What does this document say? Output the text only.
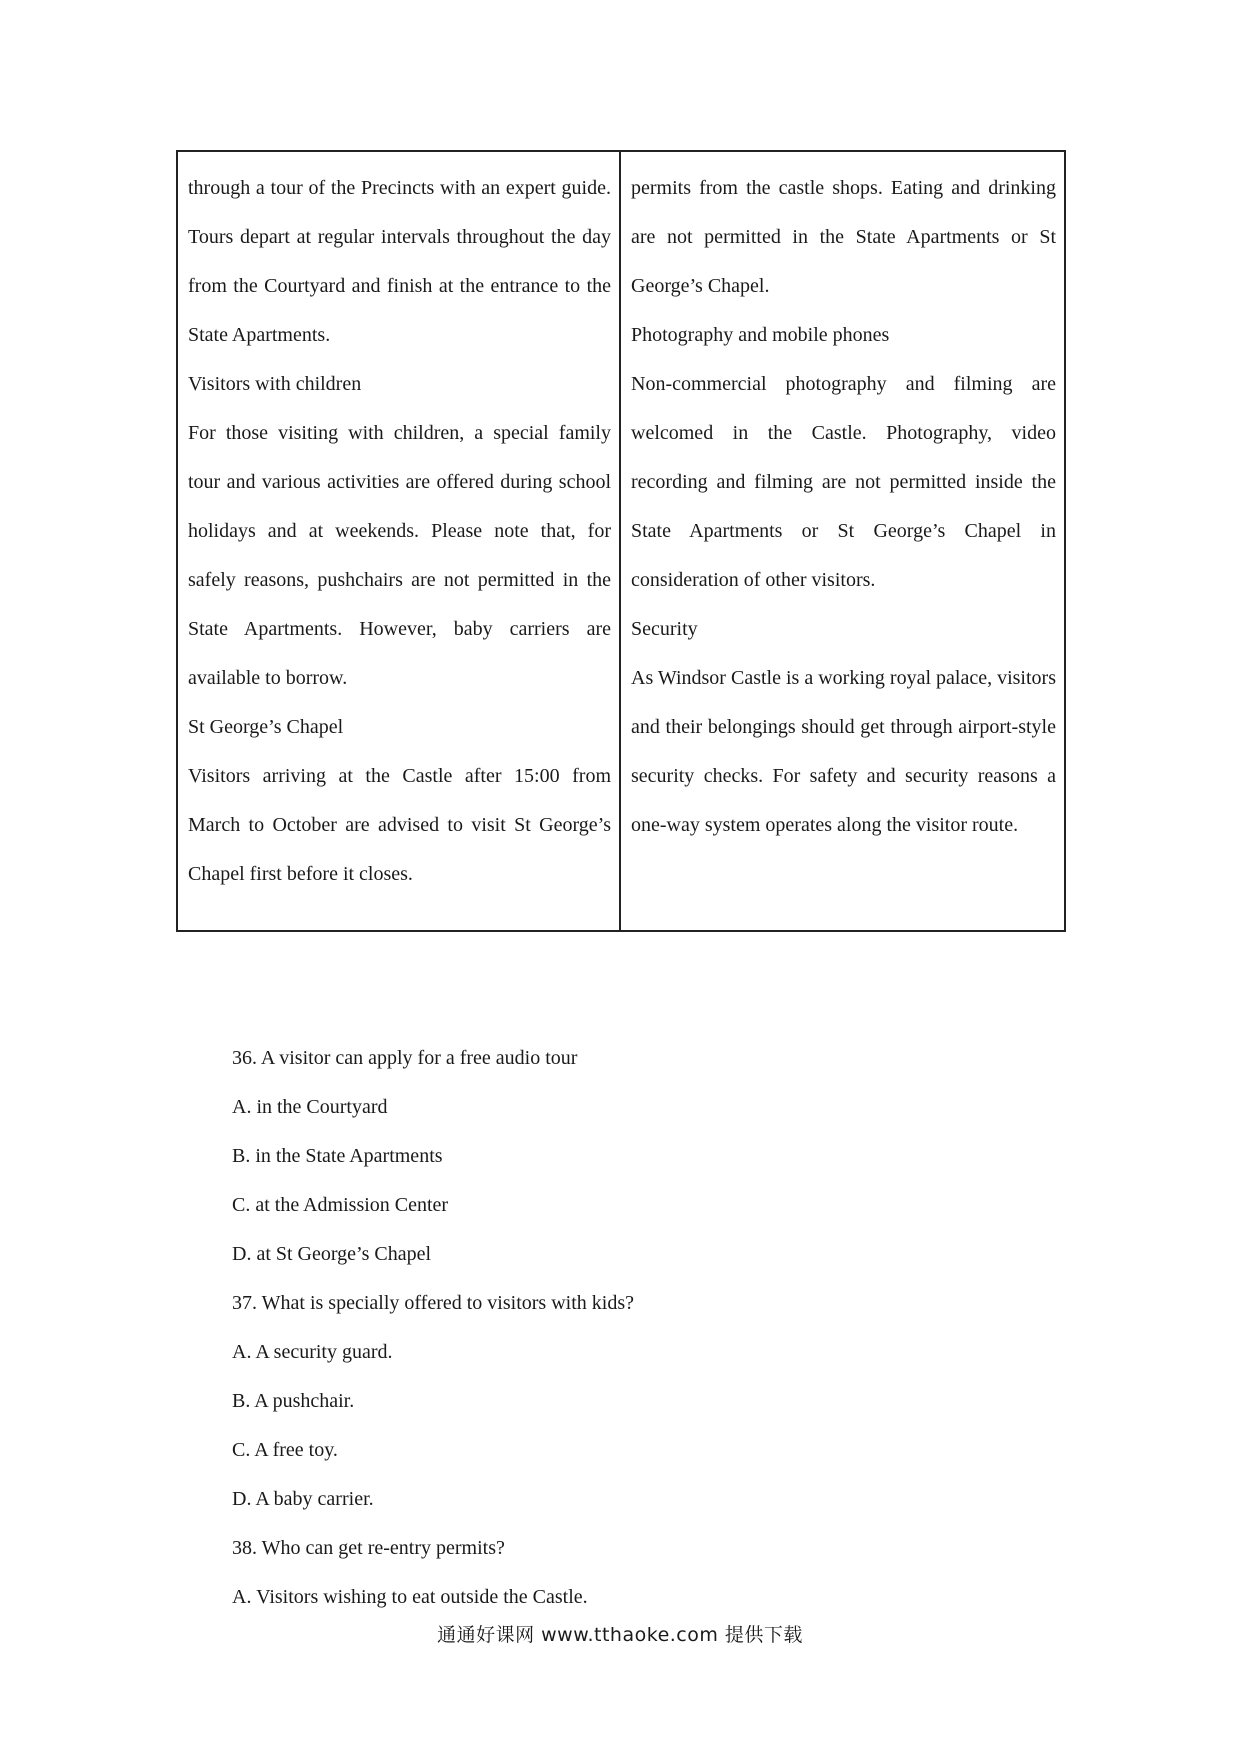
through a tour of the Precincts with an expert guide. Tours depart at regular intervals throughout the day from the Courtyard and finish at the entrance to the State Apartments.

Visitors with children

For those visiting with children, a special family tour and various activities are offered during school holidays and at weekends. Please note that, for safely reasons, pushchairs are not permitted in the State Apartments. However, baby carriers are available to borrow.

St George’s Chapel

Visitors arriving at the Castle after 15:00 from March to October are advised to visit St George’s Chapel first before it closes.

permits from the castle shops. Eating and drinking are not permitted in the State Apartments or St George’s Chapel.

Photography and mobile phones

Non-commercial photography and filming are welcomed in the Castle. Photography, video recording and filming are not permitted inside the State Apartments or St George’s Chapel in consideration of other visitors.

Security

As Windsor Castle is a working royal palace, visitors and their belongings should get through airport-style security checks. For safety and security reasons a one-way system operates along the visitor route.

36. A visitor can apply for a free audio tour

A. in the Courtyard

B. in the State Apartments

C. at the Admission Center

D. at St George’s Chapel

37. What is specially offered to visitors with kids?

A. A security guard.

B. A pushchair.

C. A free toy.

D. A baby carrier.

38. Who can get re-entry permits?

A. Visitors wishing to eat outside the Castle.

通通好课网 www.tthaoke.com 提供下载
